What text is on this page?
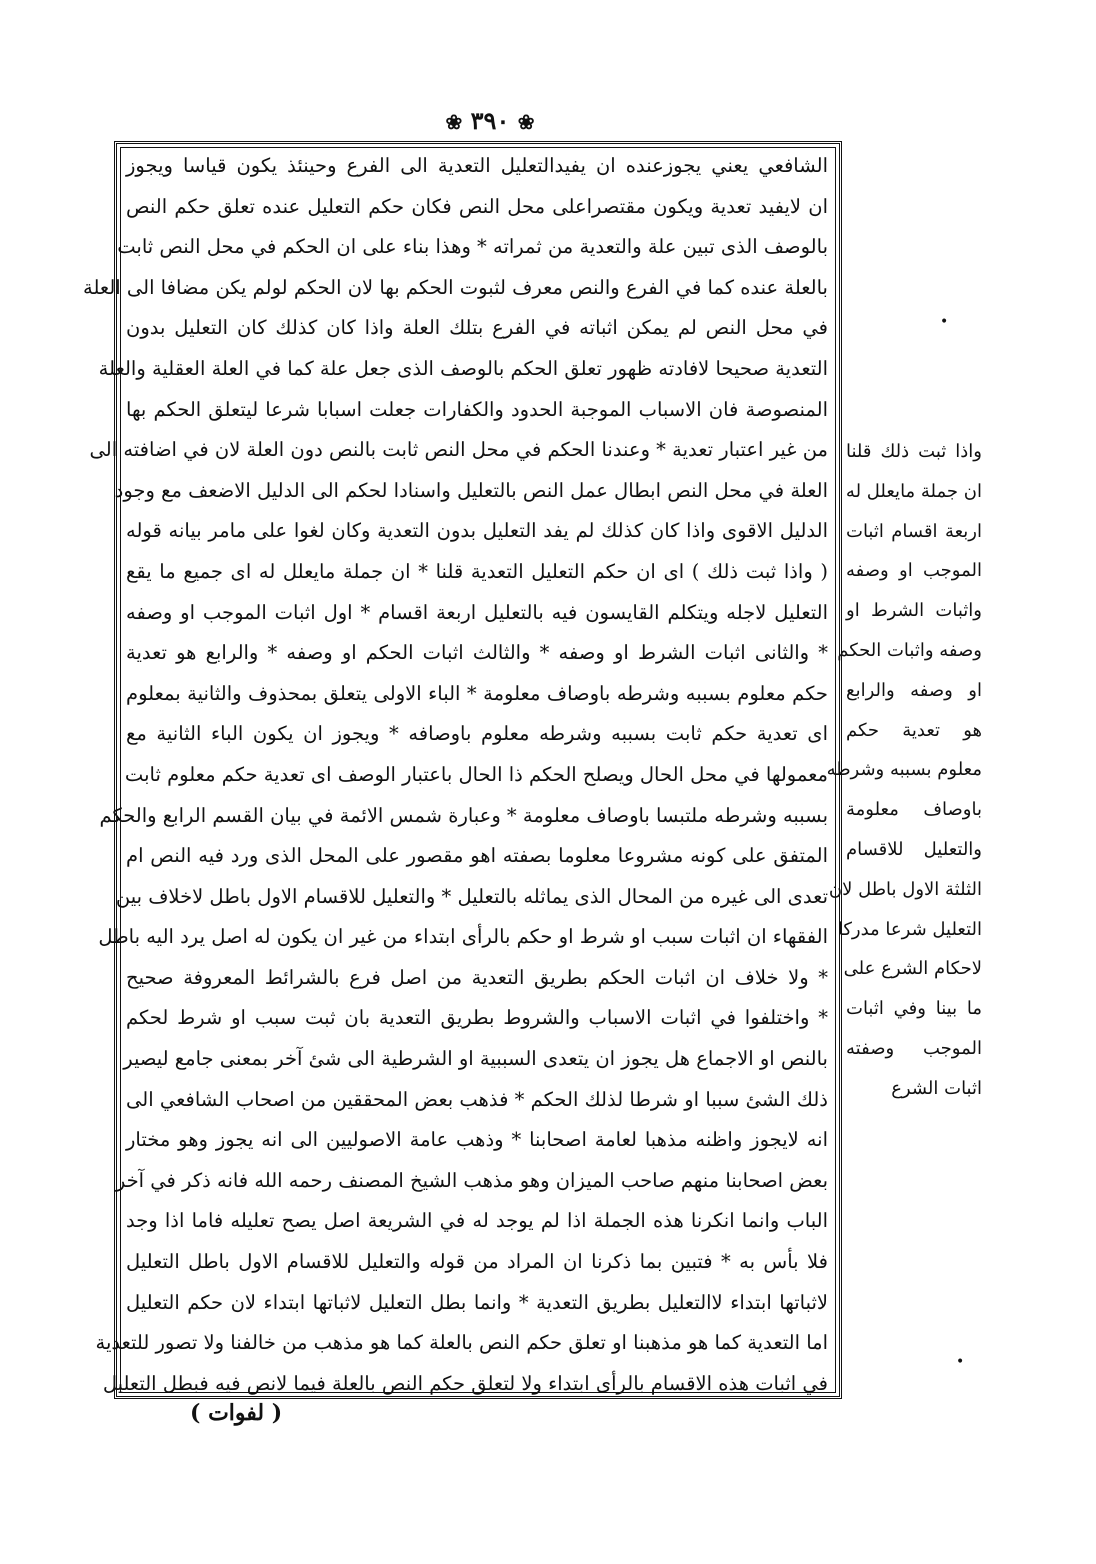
❀ ٣٩٠ ❀
الشافعي يعني يجوزعنده ان يفيدالتعليل التعدية الى الفرع وحينئذ يكون قياسا ويجوز
ان لايفيد تعدية ويكون مقتصراعلى محل النص فكان حكم التعليل عنده تعلق حكم النص
بالوصف الذى تبين علة والتعدية من ثمراته * وهذا بناء على ان الحكم في محل النص ثابت
بالعلة عنده كما في الفرع والنص معرف لثبوت الحكم بها لان الحكم لولم يكن مضافا الى العلة
في محل النص لم يمكن اثباته في الفرع بتلك العلة واذا كان كذلك كان التعليل بدون
التعدية صحيحا لافادته ظهور تعلق الحكم بالوصف الذى جعل علة كما في العلة العقلية والعلة
المنصوصة فان الاسباب الموجبة الحدود والكفارات جعلت اسبابا شرعا ليتعلق الحكم بها
من غير اعتبار تعدية * وعندنا الحكم في محل النص ثابت بالنص دون العلة لان في اضافته الى
العلة في محل النص ابطال عمل النص بالتعليل واسنادا لحكم الى الدليل الاضعف مع وجود
الدليل الاقوى واذا كان كذلك لم يفد التعليل بدون التعدية وكان لغوا على مامر بيانه قوله
( واذا ثبت ذلك ) اى ان حكم التعليل التعدية قلنا * ان جملة مايعلل له اى جميع ما يقع
التعليل لاجله ويتكلم القايسون فيه بالتعليل اربعة اقسام * اول اثبات الموجب او وصفه
* والثانى اثبات الشرط او وصفه * والثالث اثبات الحكم او وصفه * والرابع هو تعدية
حكم معلوم بسببه وشرطه باوصاف معلومة * الباء الاولى يتعلق بمحذوف والثانية بمعلوم
اى تعدية حكم ثابت بسببه وشرطه معلوم باوصافه * ويجوز ان يكون الباء الثانية مع
معمولها في محل الحال ويصلح الحكم ذا الحال باعتبار الوصف اى تعدية حكم معلوم ثابت
بسببه وشرطه ملتبسا باوصاف معلومة * وعبارة شمس الائمة في بيان القسم الرابع والحكم
المتفق على كونه مشروعا معلوما بصفته اهو مقصور على المحل الذى ورد فيه النص ام
تعدى الى غيره من المحال الذى يماثله بالتعليل * والتعليل للاقسام الاول باطل لاخلاف بين
الفقهاء ان اثبات سبب او شرط او حكم بالرأى ابتداء من غير ان يكون له اصل يرد اليه باطل
* ولا خلاف ان اثبات الحكم بطريق التعدية من اصل فرع بالشرائط المعروفة صحيح
* واختلفوا في اثبات الاسباب والشروط بطريق التعدية بان ثبت سبب او شرط لحكم
بالنص او الاجماع هل يجوز ان يتعدى السببية او الشرطية الى شئ آخر بمعنى جامع ليصير
ذلك الشئ سببا او شرطا لذلك الحكم * فذهب بعض المحققين من اصحاب الشافعي الى
انه لايجوز واظنه مذهبا لعامة اصحابنا * وذهب عامة الاصوليين الى انه يجوز وهو مختار
بعض اصحابنا منهم صاحب الميزان وهو مذهب الشيخ المصنف رحمه الله فانه ذكر في آخر
الباب وانما انكرنا هذه الجملة اذا لم يوجد له في الشريعة اصل يصح تعليله فاما اذا وجد
فلا بأس به * فتبين بما ذكرنا ان المراد من قوله والتعليل للاقسام الاول باطل التعليل
لاثباتها ابتداء لاالتعليل بطريق التعدية * وانما بطل التعليل لاثباتها ابتداء لان حكم التعليل
اما التعدية كما هو مذهبنا او تعلق حكم النص بالعلة كما هو مذهب من خالفنا ولا تصور للتعدية
في اثبات هذه الاقسام بالرأى ابتداء ولا لتعلق حكم النص بالعلة فيما لانص فيه فبطل التعليل
واذا ثبت ذلك قلنا
ان جملة مايعلل له
اربعة اقسام اثبات
الموجب او وصفه
واثبات الشرط او
وصفه واثبات الحكم
او وصفه والرابع
هو تعدية حكم
معلوم بسببه وشرطه
باوصاف معلومة
والتعليل للاقسام
الثلثة الاول باطل لان
التعليل شرعا مدركا
لاحكام الشرع على
ما بينا وفي اثبات
الموجب وصفته
اثبات الشرع
•
•
( لفوات )
